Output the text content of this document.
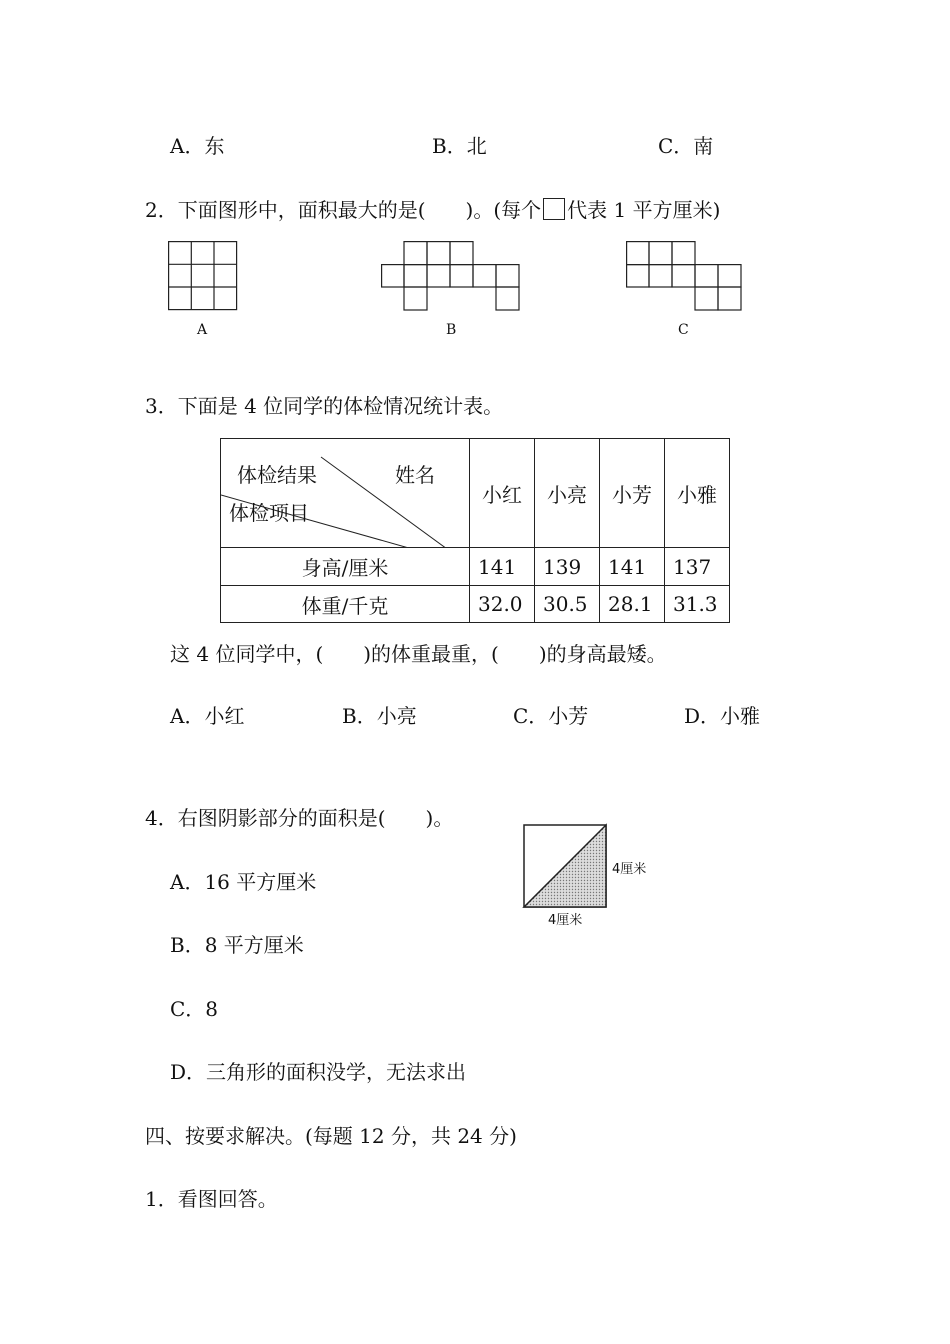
A．东	B．北	C．南
2．下面图形中，面积最大的是(　　)。(每个 代表 1 平方厘米)
A	B	C
3．下面是 4 位同学的体检情况统计表。
体检结果 姓名
体检项目	小红	小亮	小芳	小雅
身高/厘米	141	139	141	137
体重/千克	32.0	30.5	28.1	31.3
这 4 位同学中，(　　)的体重最重，(　　)的身高最矮。
A．小红	B．小亮	C．小芳	D．小雅
4．右图阴影部分的面积是(　　)。
4厘米
4厘米
A．16 平方厘米
B．8 平方厘米
C．8
D．三角形的面积没学，无法求出
四、按要求解决。(每题 12 分，共 24 分)
1．看图回答。
